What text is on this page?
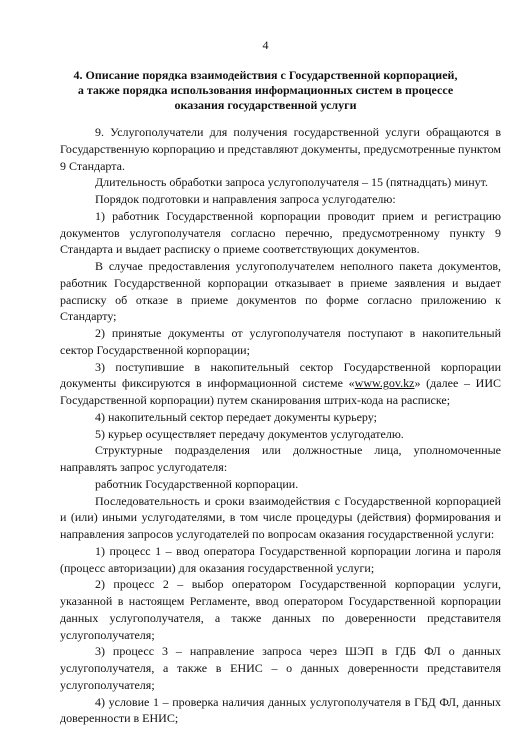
4
4. Описание порядка взаимодействия с Государственной корпорацией,
а также порядка использования информационных систем в процессе
оказания государственной услуги
9. Услугополучатели для получения государственной услуги обращаются в Государственную корпорацию и представляют документы, предусмотренные пунктом 9 Стандарта.
Длительность обработки запроса услугополучателя – 15 (пятнадцать) минут.
Порядок подготовки и направления запроса услугодателю:
1) работник Государственной корпорации проводит прием и регистрацию документов услугополучателя согласно перечню, предусмотренному пункту 9 Стандарта и выдает расписку о приеме соответствующих документов.
В случае предоставления услугополучателем неполного пакета документов, работник Государственной корпорации отказывает в приеме заявления и выдает расписку об отказе в приеме документов по форме согласно приложению к Стандарту;
2) принятые документы от услугополучателя поступают в накопительный сектор Государственной корпорации;
3) поступившие в накопительный сектор Государственной корпорации документы фиксируются в информационной системе «www.gov.kz» (далее – ИИС Государственной корпорации) путем сканирования штрих-кода на расписке;
4) накопительный сектор передает документы курьеру;
5) курьер осуществляет передачу документов услугодателю.
Структурные подразделения или должностные лица, уполномоченные направлять запрос услугодателя:
работник Государственной корпорации.
Последовательность и сроки взаимодействия с Государственной корпорацией и (или) иными услугодателями, в том числе процедуры (действия) формирования и направления запросов услугодателей по вопросам оказания государственной услуги:
1) процесс 1 – ввод оператора Государственной корпорации логина и пароля (процесс авторизации) для оказания государственной услуги;
2) процесс 2 – выбор оператором Государственной корпорации услуги, указанной в настоящем Регламенте, ввод оператором Государственной корпорации данных услугополучателя, а также данных по доверенности представителя услугополучателя;
3) процесс 3 – направление запроса через ШЭП в ГДБ ФЛ о данных услугополучателя, а также в ЕНИС – о данных доверенности представителя услугополучателя;
4) условие 1 – проверка наличия данных услугополучателя в ГБД ФЛ, данных доверенности в ЕНИС;
